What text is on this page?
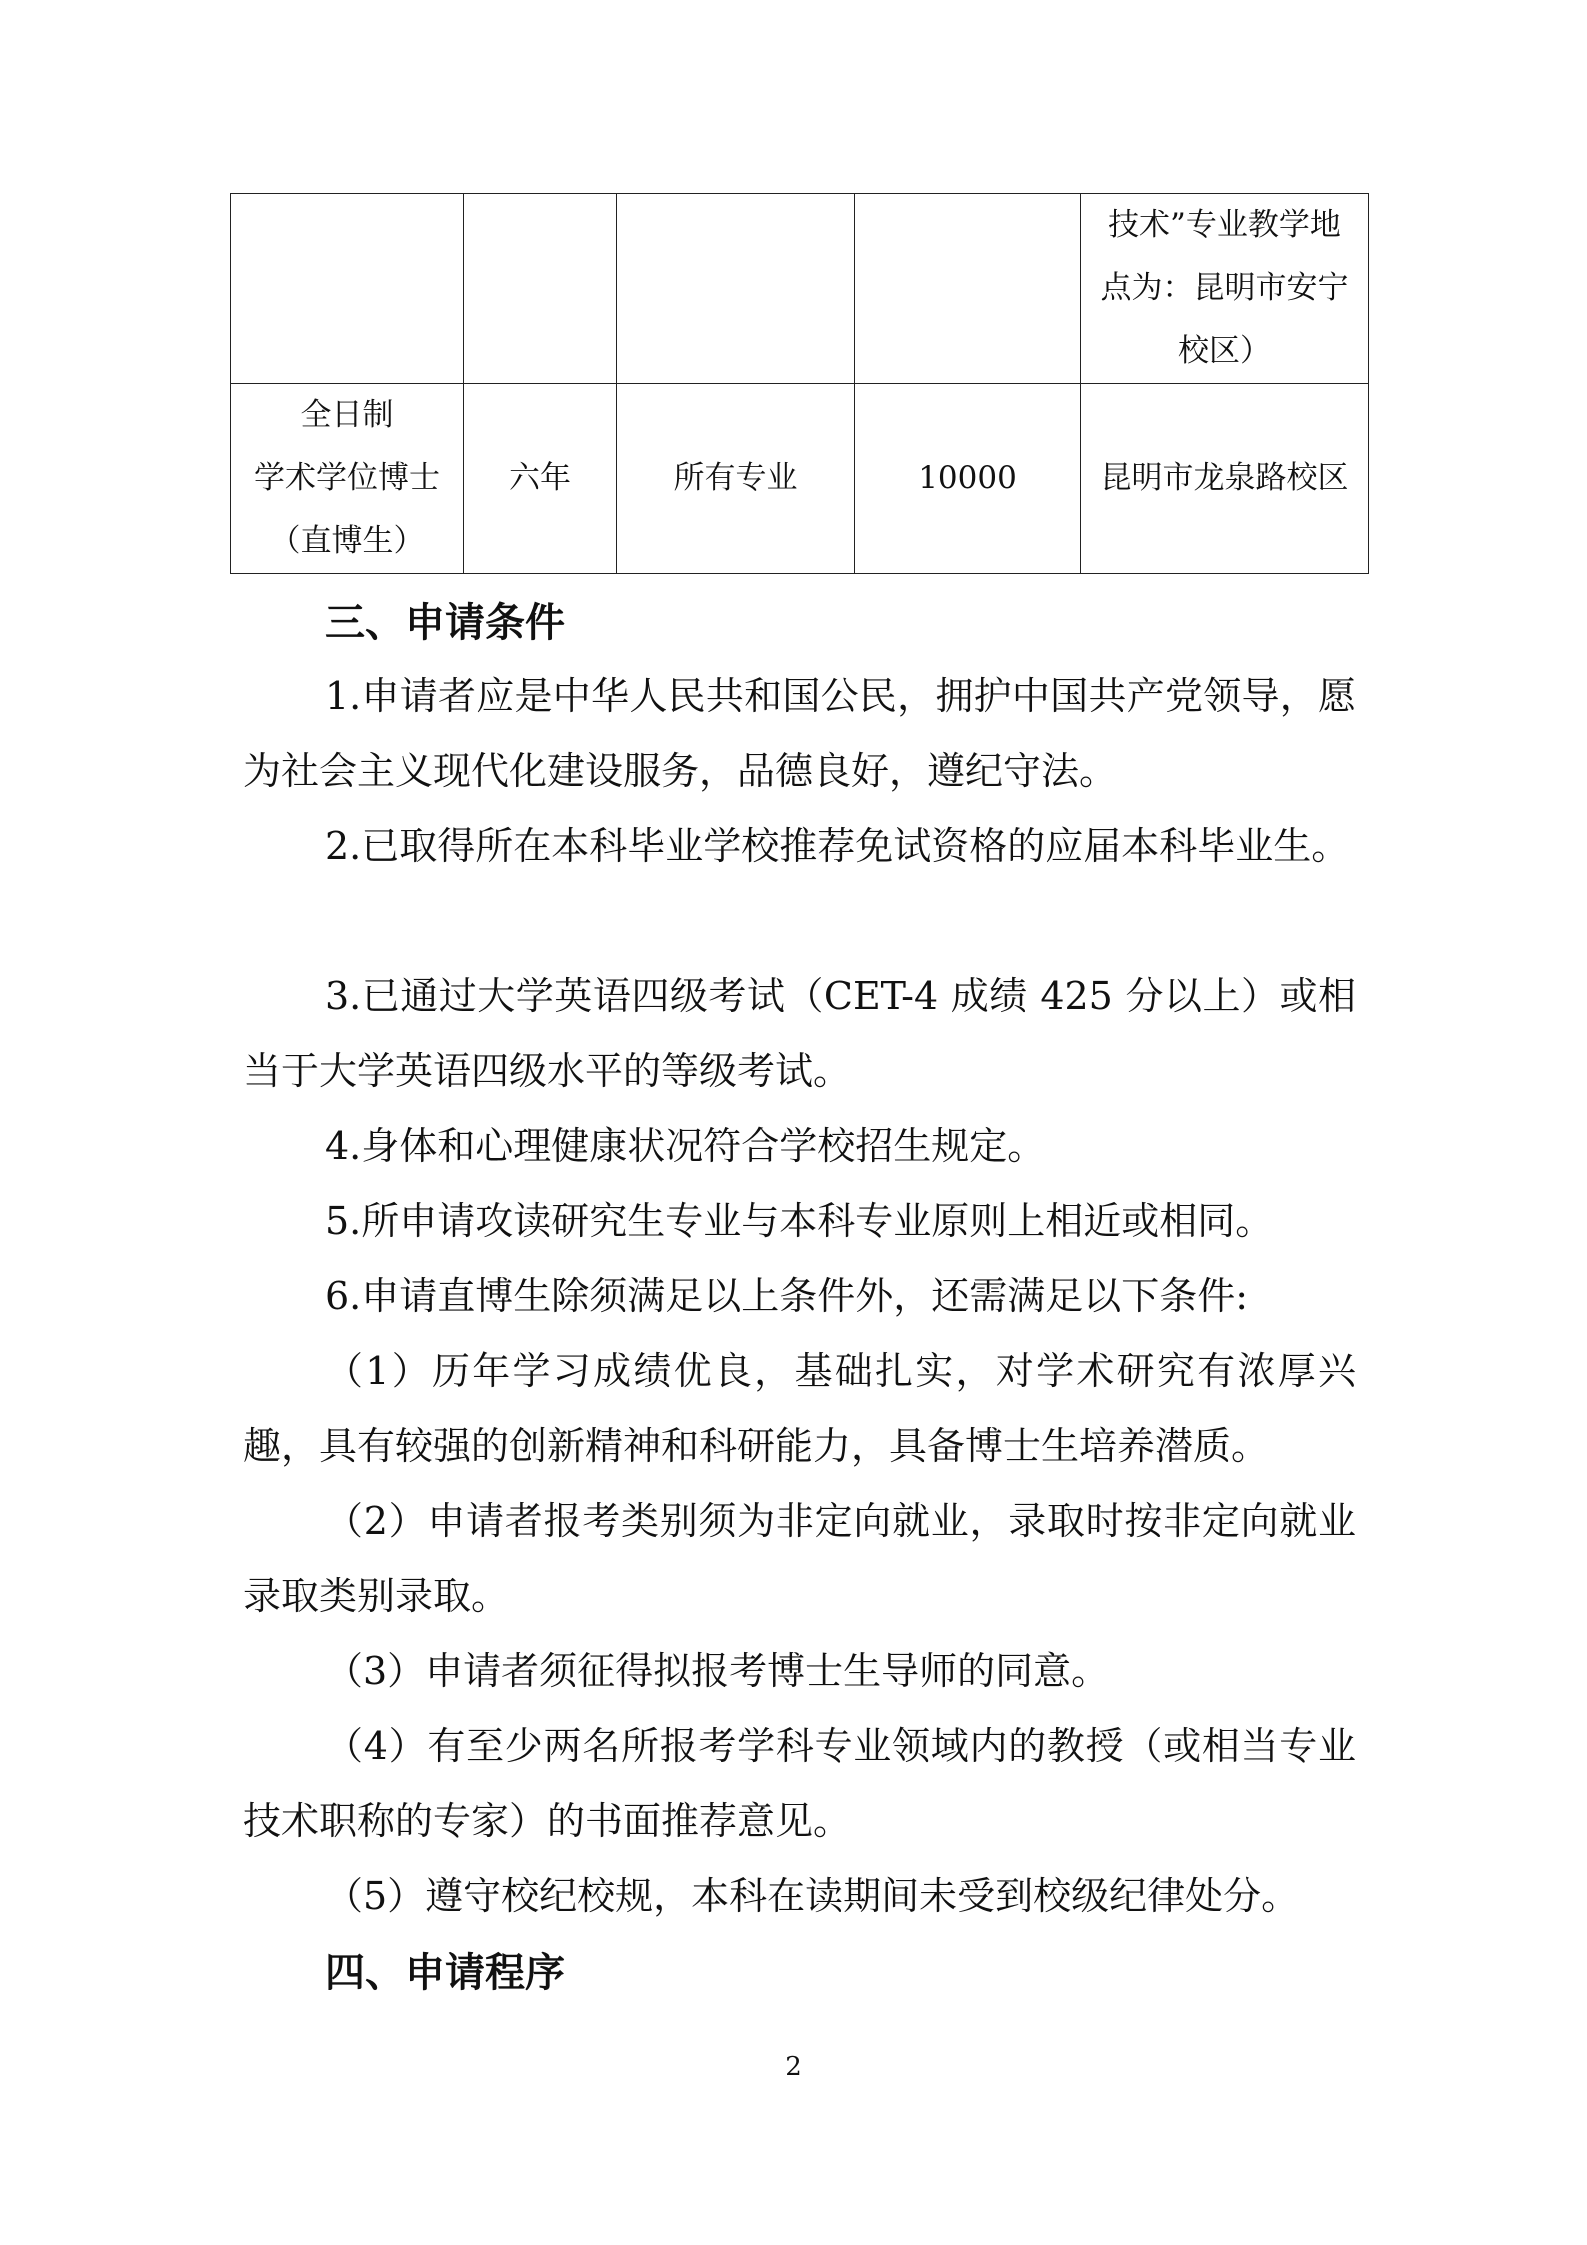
				技术”专业教学地
点为：昆明市安宁
校区）

全日制
学术学位博士
（直博生）	六年	所有专业	10000	昆明市龙泉路校区
三、申请条件
1.申请者应是中华人民共和国公民，拥护中国共产党领导，愿为社会主义现代化建设服务，品德良好，遵纪守法。
2.已取得所在本科毕业学校推荐免试资格的应届本科毕业生。
3.已通过大学英语四级考试（CET-4 成绩 425 分以上）或相当于大学英语四级水平的等级考试。
4.身体和心理健康状况符合学校招生规定。
5.所申请攻读研究生专业与本科专业原则上相近或相同。
6.申请直博生除须满足以上条件外，还需满足以下条件:
（1）历年学习成绩优良，基础扎实，对学术研究有浓厚兴趣，具有较强的创新精神和科研能力，具备博士生培养潜质。
（2）申请者报考类别须为非定向就业，录取时按非定向就业录取类别录取。
（3）申请者须征得拟报考博士生导师的同意。
（4）有至少两名所报考学科专业领域内的教授（或相当专业技术职称的专家）的书面推荐意见。
（5）遵守校纪校规，本科在读期间未受到校级纪律处分。
四、申请程序
2
